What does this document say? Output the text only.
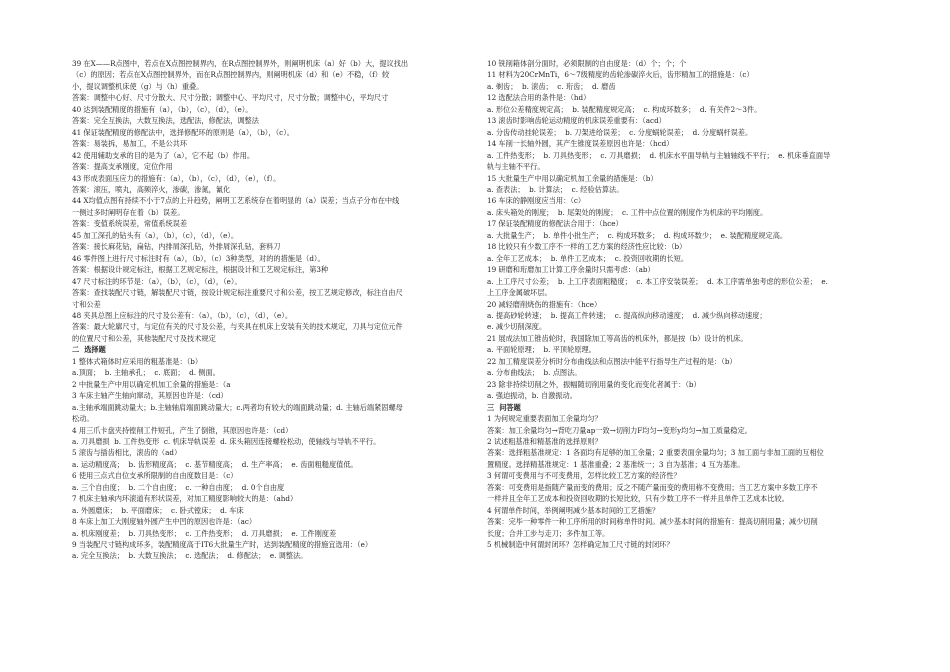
39 在X——R点图中，若点在X点图控制界内，在R点图控制界外，则阐明机床（a）好（b）大，提议找出
（c）的原因；若点在X点图控制界外，而在R点图控制界内，则阐明机床（d）和（e）不稳，（f）较
小，提议调整机床使（g）与（h）重叠。
答案：调整中心好、尺寸分散大、尺寸分散；调整中心、平均尺寸，尺寸分散；调整中心，平均尺寸
40 达到装配精度的措施有（a），（b），（c），（d），（e）。
答案：完全互换法，大数互换法，选配法，修配法，调整法
41 保证装配精度的修配法中，选择修配环的原则是（a），（b），（c）。
答案：易装拆，易加工，不是公共环
42 使用辅助支承的目的是为了（a），它不起（b）作用。
答案：提高支承刚度，定位作用
43 形成表面压应力的措施有：（a），（b），（c），（d），（e），（f）。
答案：滚压，喷丸，高频淬火，渗碳，渗氮，氰化
44 X均值点图有持续不小于7点的上升趋势，阐明工艺系统存在着明显的（a）误差；当点子分布在中线
一侧过多时阐明存在着（b）误差。
答案：变值系统误差，常值系统误差
45 加工深孔的钻头有（a），（b），（c），（d），（e）。
答案：接长麻花钻，扁钻，内排屑深孔钻，外排屑深孔钻，套料刀
46 零件图上进行尺寸标注时有（a），（b），（c）3种类型，对的的措施是（d）。
答案：根据设计规定标注，根据工艺规定标注，根据设计和工艺规定标注，第3种
47 尺寸标注的环节是：（a），（b），（c），（d），（e）。
答案：查找装配尺寸链，解装配尺寸链，按设计规定标注重要尺寸和公差，按工艺规定修改，标注自由尺
寸和公差
48 夹具总图上应标注的尺寸及公差有：（a），（b），（c），（d），（e）。
答案：最大轮廓尺寸，与定位有关的尺寸及公差，与夹具在机床上安装有关的技术规定，刀具与定位元件
的位置尺寸和公差，其他装配尺寸及技术规定
二  选择题
1 整体式箱体时应采用的粗基准是：（b）
a.顶面；  b. 主轴承孔；  c. 底面；  d. 侧面。
2 中批量生产中用以确定机加工余量的措施是：（a
3 车床主轴产生轴向窜动，其原因也许是：（cd）
a.主轴承端面跳动量大；b.主轴轴肩端面跳动量大；c.两者均有较大的端面跳动量；d. 主轴后端紧固螺母
松动。
4 用三爪卡盘夹持镗削工件短孔，产生了倒锥，其原因也许是：（cd）
a. 刀具磨损  b. 工件热变形  c. 机床导轨误差  d. 床头箱因连接螺栓松动，使轴线与导轨不平行。
5 滚齿与插齿相比，滚齿的（ad）
a. 运动精度高；  b. 齿形精度高；  c. 基节精度高；  d. 生产率高；  e. 齿面粗糙度值低。
6 使用三点式自位支承所限制的自由度数目是：（c）
a. 三个自由度；  b. 二个自由度；  c. 一种自由度；  d. 0个自由度
7 机床主轴承内环滚道有形状误差，对加工精度影响较大的是：（ahd）
a. 外圆磨床；  b. 平面磨床；  c. 卧式镗床；  d. 车床
8 车床上加工大刚度轴外圆产生中凹的原因也许是：（ac）
a. 机床刚度差；  b. 刀具热变形；  c. 工件热变形；  d. 刀具磨损；  e. 工件刚度差
9 当装配尺寸链构成环多，装配精度高于IT6大批量生产时，达到装配精度的措施宜选用：（e）
a. 完全互换法；  b. 大数互换法；  c. 选配法；  d. 修配法；  e. 调整法。
10 铣削箱体剖分面时，必须限制的自由度是：（d）个；个；个
11 材料为20CrMnTi，6～7级精度的齿轮渗碳淬火后，齿形精加工的措施是：（c）
a. 剃齿；  b. 滚齿；  c. 珩齿；  d. 磨齿
12 选配法合用的条件是：（hd）
a. 形位公差精度规定高；  b. 装配精度规定高；  c. 构成环数多；  d. 有关件2～3件。
13 滚齿时影响齿轮运动精度的机床误差重要有：（acd）
a. 分齿传动挂轮误差；  b. 刀架进给误差；  c. 分度蜗轮误差；  d. 分度蜗杆误差。
14 车削一长轴外圆，其产生锥度误差原因也许是：（hcd）
a. 工件热变形；  b. 刀具热变形；  c. 刀具磨损；  d. 机床水平面导轨与主轴轴线不平行；  e. 机床垂直面导
轨与主轴不平行。
15 大批量生产中用以确定机加工余量的措施是：（b）
a. 查表法；  b. 计算法；  c. 经验估算法。
16 车床的静刚度应当用：（c）
a. 床头箱处的刚度；  b. 尾架处的刚度；  c. 工件中点位置的刚度作为机床的平均刚度。
17 保证装配精度的修配法合用于：（hce）
a. 大批量生产；  b. 单件小批生产；  c. 构成环数多；  d. 构成环数少；  e. 装配精度规定高。
18 比较只有少数工序不一样的工艺方案的经济性应比较：（b）
a. 全年工艺成本；  b. 单件工艺成本；  c. 投资回收期的长短。
19 研磨和珩磨加工计算工序余量时只需考虑：（ab）
a. 上工序尺寸公差；  b. 上工序表面粗糙度；  c. 本工序安装误差；  d. 本工序需单独考虑的形位公差；  e.
上工序金属破坏层。
20 减轻磨削烧伤的措施有：（hce）
a. 提高砂轮转速；  b. 提高工件转速；  c. 提高纵向移动速度；  d. 减少纵向移动速度；
e. 减少切削深度。
21 展成法加工锥齿轮时，我国除加工等高齿的机床外，都是按（b）设计的机床。
a. 平面轮原理；  b. 平顶轮原理。
22 加工精度误差分析时分布曲线法和点图法中能平行指导生产过程的是：（b）
a. 分布曲线法；  b. 点图法。
23 除非持续切削之外，振幅随切削用量的变化而变化者属于：（b）
a. 强迫振动，b. 自激振动。
三  问答题
1 为何规定重要表面加工余量均匀？
答案：加工余量均匀→背吃刀量ap一致→切削力F均匀→变形y均匀→加工质量稳定。
2 试述粗基准和精基准的选择原则？
答案：选择粗基准规定：1 各面均有足够的加工余量；2 重要表面余量均匀；3 加工面与非加工面的互相位
置精度。选择精基准规定：1 基准重叠；2 基准统一；3 自为基准；4 互为基准。
3 何谓可变费用与不可变费用，怎样比较工艺方案的经济性？
答案：可变费用是指随产量而变的费用；反之不随产量而变的费用称不变费用；当工艺方案中多数工序不
一样并且全年工艺成本和投资回收期的长短比较，只有少数工序不一样并且单件工艺成本比较。
4 何谓单件时间，举例阐明减少基本时间的工艺措施？
答案：完毕一种零件一种工序所用的时间称单件时间。减少基本时间的措施有：提高切削用量；减少切削
长度；合并工步与走刀；多件加工等。
5 机械制造中何谓封闭环？怎样确定加工尺寸链的封闭环？
